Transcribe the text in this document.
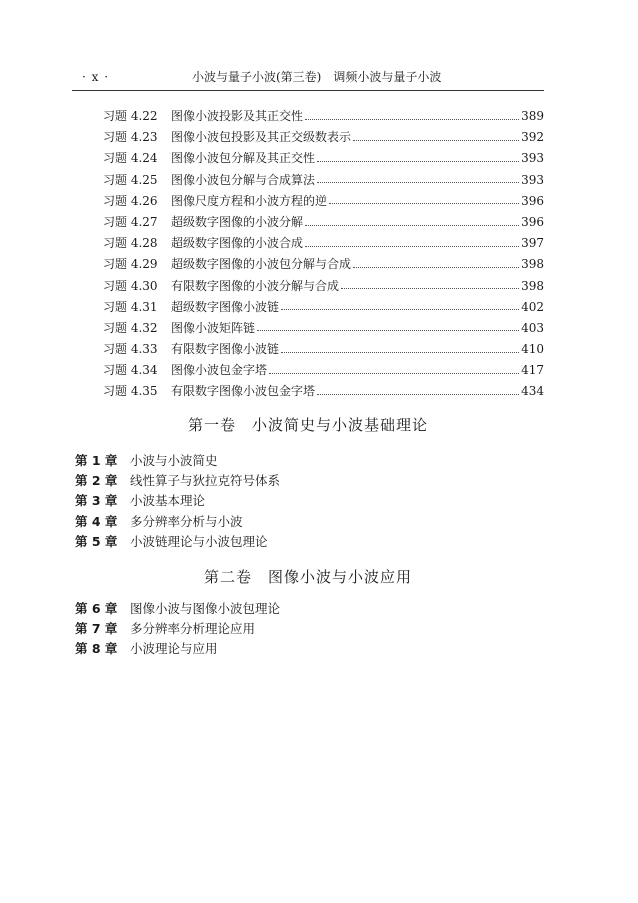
· x ·	小波与量子小波(第三卷)　调频小波与量子小波
习题 4.22	图像小波投影及其正交性	389
习题 4.23	图像小波包投影及其正交级数表示	392
习题 4.24	图像小波包分解及其正交性	393
习题 4.25	图像小波包分解与合成算法	393
习题 4.26	图像尺度方程和小波方程的逆	396
习题 4.27	超级数字图像的小波分解	396
习题 4.28	超级数字图像的小波合成	397
习题 4.29	超级数字图像的小波包分解与合成	398
习题 4.30	有限数字图像的小波分解与合成	398
习题 4.31	超级数字图像小波链	402
习题 4.32	图像小波矩阵链	403
习题 4.33	有限数字图像小波链	410
习题 4.34	图像小波包金字塔	417
习题 4.35	有限数字图像小波包金字塔	434
第一卷　小波简史与小波基础理论
第 1 章	小波与小波简史
第 2 章	线性算子与狄拉克符号体系
第 3 章	小波基本理论
第 4 章	多分辨率分析与小波
第 5 章	小波链理论与小波包理论
第二卷　图像小波与小波应用
第 6 章	图像小波与图像小波包理论
第 7 章	多分辨率分析理论应用
第 8 章	小波理论与应用
